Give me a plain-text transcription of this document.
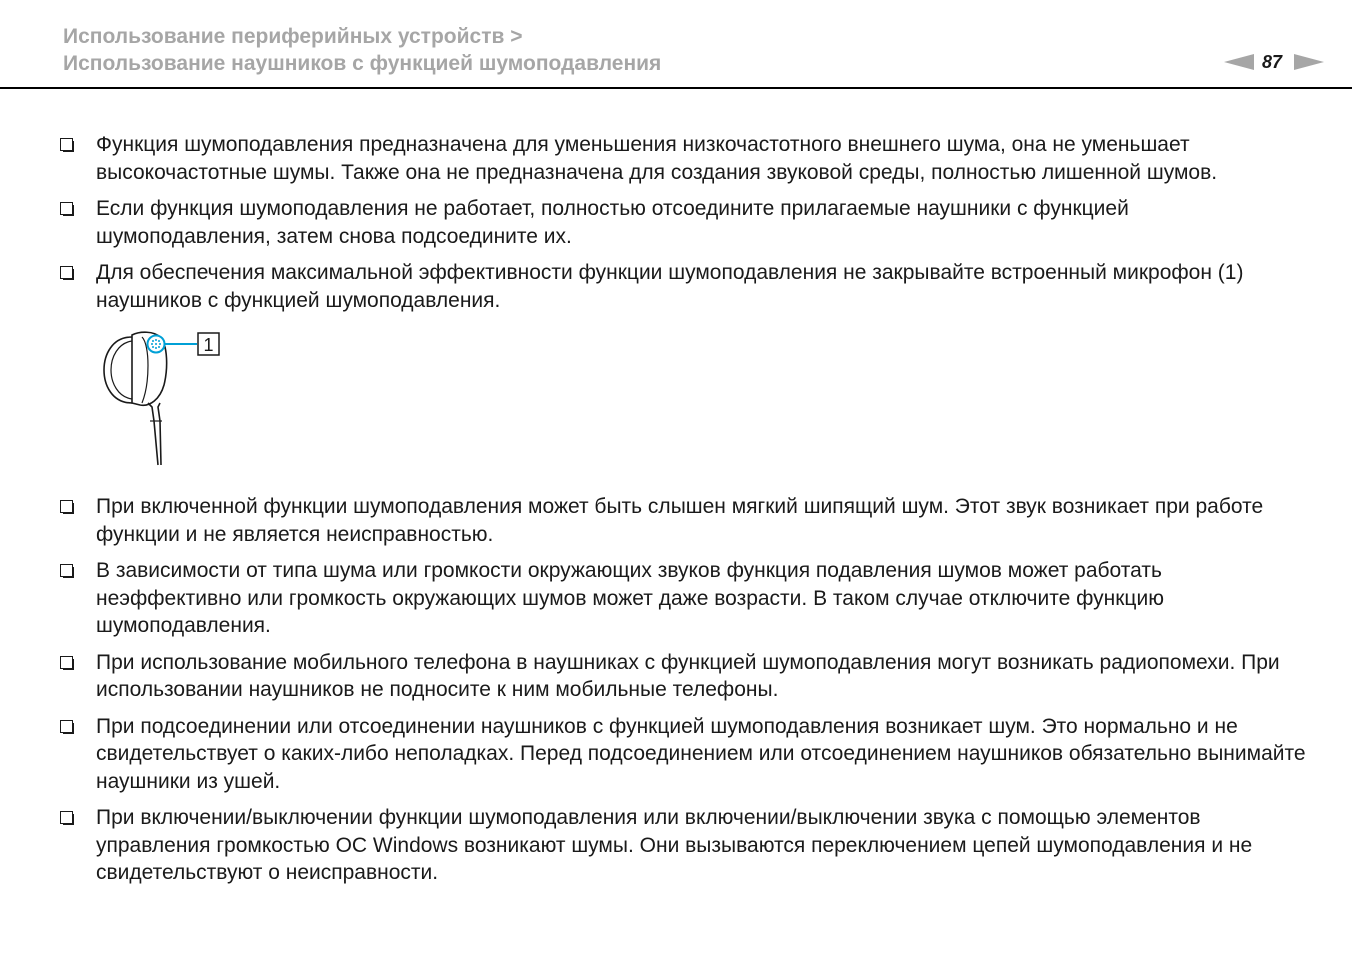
Использование периферийных устройств >
Использование наушников с функцией шумоподавления	87
Функция шумоподавления предназначена для уменьшения низкочастотного внешнего шума, она не уменьшает высокочастотные шумы. Также она не предназначена для создания звуковой среды, полностью лишенной шумов.
Если функция шумоподавления не работает, полностью отсоедините прилагаемые наушники с функцией шумоподавления, затем снова подсоедините их.
Для обеспечения максимальной эффективности функции шумоподавления не закрывайте встроенный микрофон (1) наушников с функцией шумоподавления.
1
При включенной функции шумоподавления может быть слышен мягкий шипящий шум. Этот звук возникает при работе функции и не является неисправностью.
В зависимости от типа шума или громкости окружающих звуков функция подавления шумов может работать неэффективно или громкость окружающих шумов может даже возрасти. В таком случае отключите функцию шумоподавления.
При использование мобильного телефона в наушниках с функцией шумоподавления могут возникать радиопомехи. При использовании наушников не подносите к ним мобильные телефоны.
При подсоединении или отсоединении наушников с функцией шумоподавления возникает шум. Это нормально и не свидетельствует о каких-либо неполадках. Перед подсоединением или отсоединением наушников обязательно вынимайте наушники из ушей.
При включении/выключении функции шумоподавления или включении/выключении звука с помощью элементов управления громкостью ОС Windows возникают шумы. Они вызываются переключением цепей шумоподавления и не свидетельствуют о неисправности.
